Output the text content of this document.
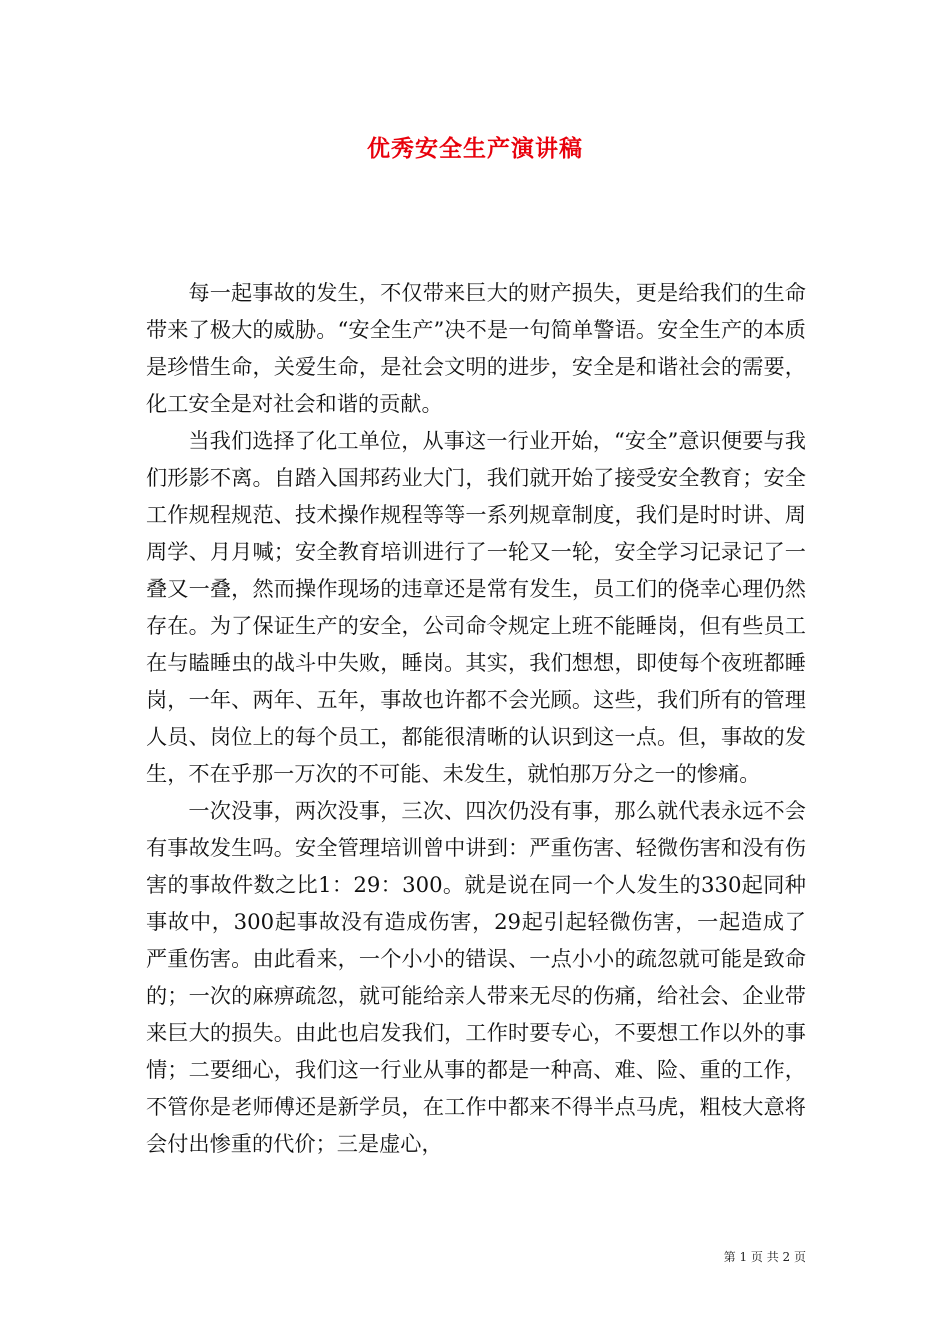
优秀安全生产演讲稿

每一起事故的发生，不仅带来巨大的财产损失，更是给我们的生命带来了极大的威胁。“安全生产”决不是一句简单警语。安全生产的本质是珍惜生命，关爱生命，是社会文明的进步，安全是和谐社会的需要，化工安全是对社会和谐的贡献。

当我们选择了化工单位，从事这一行业开始，“安全”意识便要与我们形影不离。自踏入国邦药业大门，我们就开始了接受安全教育；安全工作规程规范、技术操作规程等等一系列规章制度，我们是时时讲、周周学、月月喊；安全教育培训进行了一轮又一轮，安全学习记录记了一叠又一叠，然而操作现场的违章还是常有发生，员工们的侥幸心理仍然存在。为了保证生产的安全，公司命令规定上班不能睡岗，但有些员工在与瞌睡虫的战斗中失败，睡岗。其实，我们想想，即使每个夜班都睡岗，一年、两年、五年，事故也许都不会光顾。这些，我们所有的管理人员、岗位上的每个员工，都能很清晰的认识到这一点。但，事故的发生，不在乎那一万次的不可能、未发生，就怕那万分之一的惨痛。

一次没事，两次没事，三次、四次仍没有事，那么就代表永远不会有事故发生吗。安全管理培训曾中讲到：严重伤害、轻微伤害和没有伤害的事故件数之比1：29：300。就是说在同一个人发生的330起同种事故中，300起事故没有造成伤害，29起引起轻微伤害，一起造成了严重伤害。由此看来，一个小小的错误、一点小小的疏忽就可能是致命的；一次的麻痹疏忽，就可能给亲人带来无尽的伤痛，给社会、企业带来巨大的损失。由此也启发我们，工作时要专心，不要想工作以外的事情；二要细心，我们这一行业从事的都是一种高、难、险、重的工作，不管你是老师傅还是新学员，在工作中都来不得半点马虎，粗枝大意将会付出惨重的代价；三是虚心，

第 1 页 共 2 页
